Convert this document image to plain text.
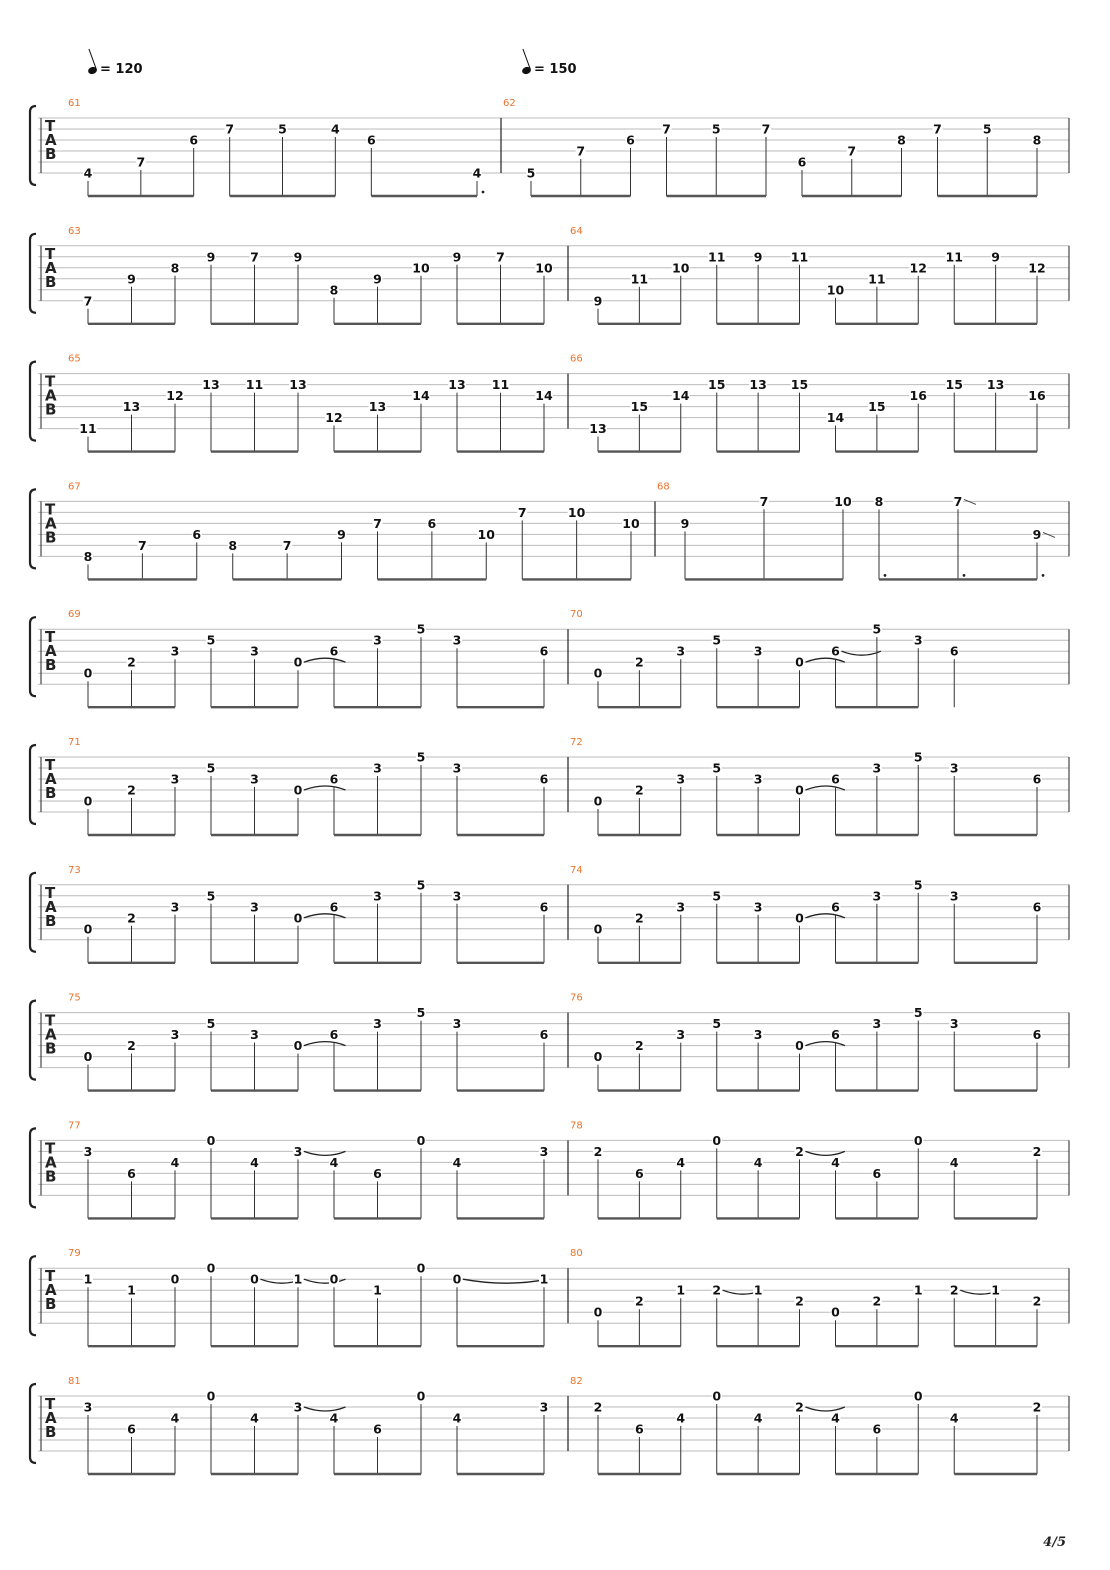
= 120	= 150
T
A
B
61
4
7
6
7	5	4
6
4
62
5
7
6
7	5	7
6
7
8
7	5
8
T
A
B
63
7
9
8
9	7	9
8
9
10
9	7
10
64
9
11
10
11 9 11
10
11
12
11 9
12
T
A
B
65
11
13
12
13 11 13
12
13
14
13 11
14
66
13
15
14
15 13 15
14
15
16
15 13
16
T
A
B
67
8
7
6
8	7
9
7	6
10
7	10
10
68
9
7	10 8	7
9
T
A
B
69
0
2
3
5
3
0
6
3
5
3
6
70
0
2
3
5
3
0
6
5
3
6
T
A
B
71
0
2
3
5
3
0
6
3
5
3
6
72
0
2
3
5
3
0
6
3
5
3
6
T
A
B
73
0
2
3
5
3
0
6
3
5
3
6
74
0
2
3
5
3
0
6
3
5
3
6
T
A
B
75
0
2
3
5
3
0
6
3
5
3
6
76
0
2
3
5
3
0
6
3
5
3
6
T
A
B
77
3
6
4
0
4
3
4
6
0
4
3
78
2
6
4
0
4
2
4
6
0
4
2
T
A
B
79
1
1
0
0
0	1 0
1
0
0	1
80
0
2
1 2	1
2
0
2
1 2	1
2
T
A
B
81
3
6
4
0
4
3
4
6
0
4
3
82
2
6
4
0
4
2
4
6
0
4
2
4/5
